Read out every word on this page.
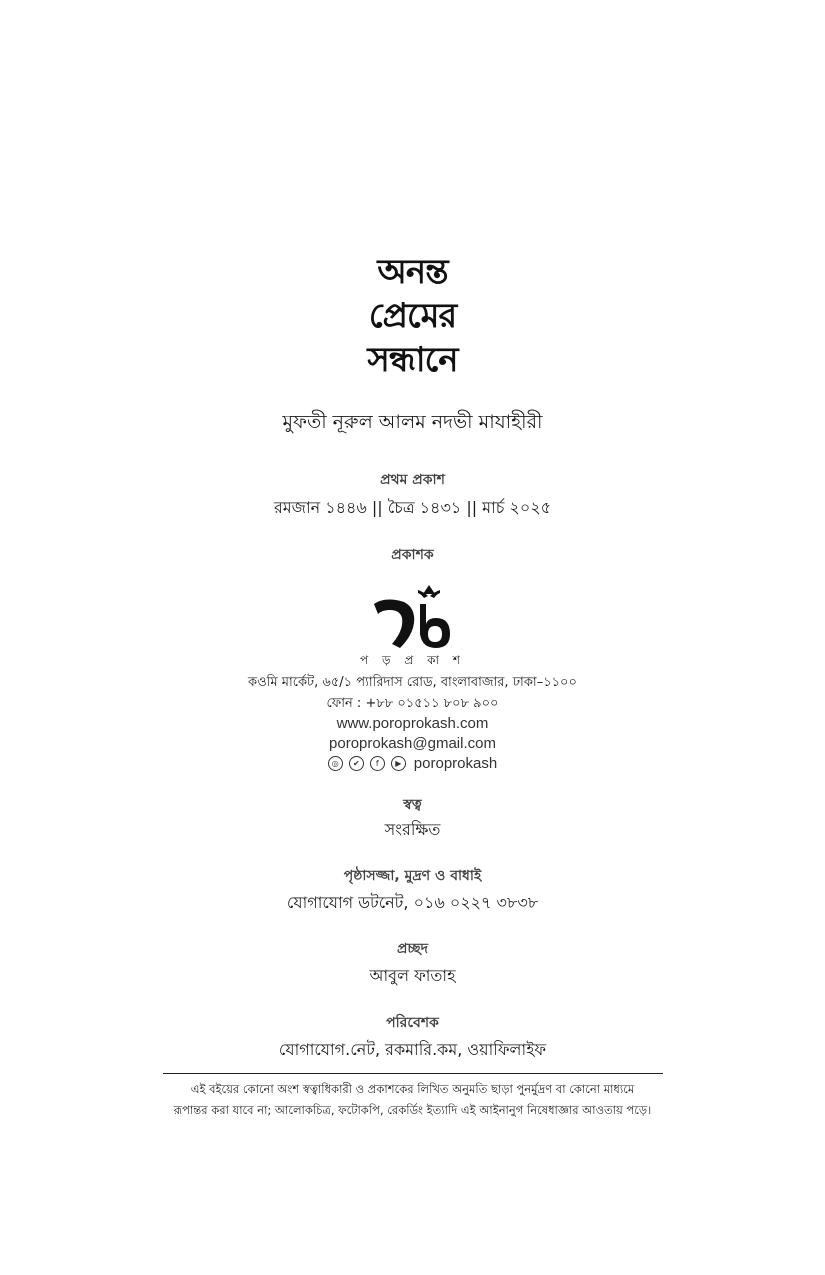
অনন্ত
প্রেমের
সন্ধানে
মুফতী নূরুল আলম নদভী মাযাহীরী
প্রথম প্রকাশ
রমজান ১৪৪৬ || চৈত্র ১৪৩১ || মার্চ ২০২৫
প্রকাশক
প ড় প্র কা শ
কওমি মার্কেট, ৬৫/১ প্যারিদাস রোড, বাংলাবাজার, ঢাকা–১১০০
ফোন : +৮৮ ০১৫১১ ৮০৮ ৯০০
www.poroprokash.com
poroprokash@gmail.com
◎	✔	f	▶ poroprokash
স্বত্ব
সংরক্ষিত
পৃষ্ঠাসজ্জা, মুদ্রণ ও বাধাই
যোগাযোগ ডটনেট, ০১৬ ০২২৭ ৩৮৩৮
প্রচ্ছদ
আবুল ফাতাহ
পরিবেশক
যোগাযোগ.নেট, রকমারি.কম, ওয়াফিলাইফ
এই বইয়ের কোনো অংশ স্বত্বাধিকারী ও প্রকাশকের লিখিত অনুমতি ছাড়া পুনর্মুদ্রণ বা কোনো মাধ্যমে
রূপান্তর করা যাবে না; আলোকচিত্র, ফটোকপি, রেকর্ডিং ইত্যাদি এই আইনানুগ নিষেধাজ্ঞার আওতায় পড়ে।
